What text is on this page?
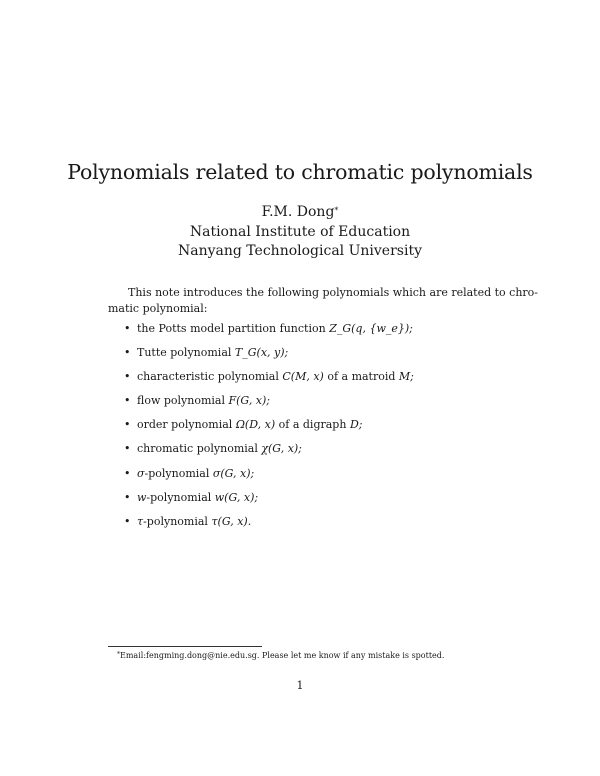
Polynomials related to chromatic polynomials
F.M. Dong*
National Institute of Education
Nanyang Technological University
This note introduces the following polynomials which are related to chro-
matic polynomial:
• the Potts model partition function Z_G(q, {w_e});
• Tutte polynomial T_G(x, y);
• characteristic polynomial C(M, x) of a matroid M;
• flow polynomial F(G, x);
• order polynomial Ω(D, x) of a digraph D;
• chromatic polynomial χ(G, x);
• σ-polynomial σ(G, x);
• w-polynomial w(G, x);
• τ-polynomial τ(G, x).
*Email:fengming.dong@nie.edu.sg. Please let me know if any mistake is spotted.
1
